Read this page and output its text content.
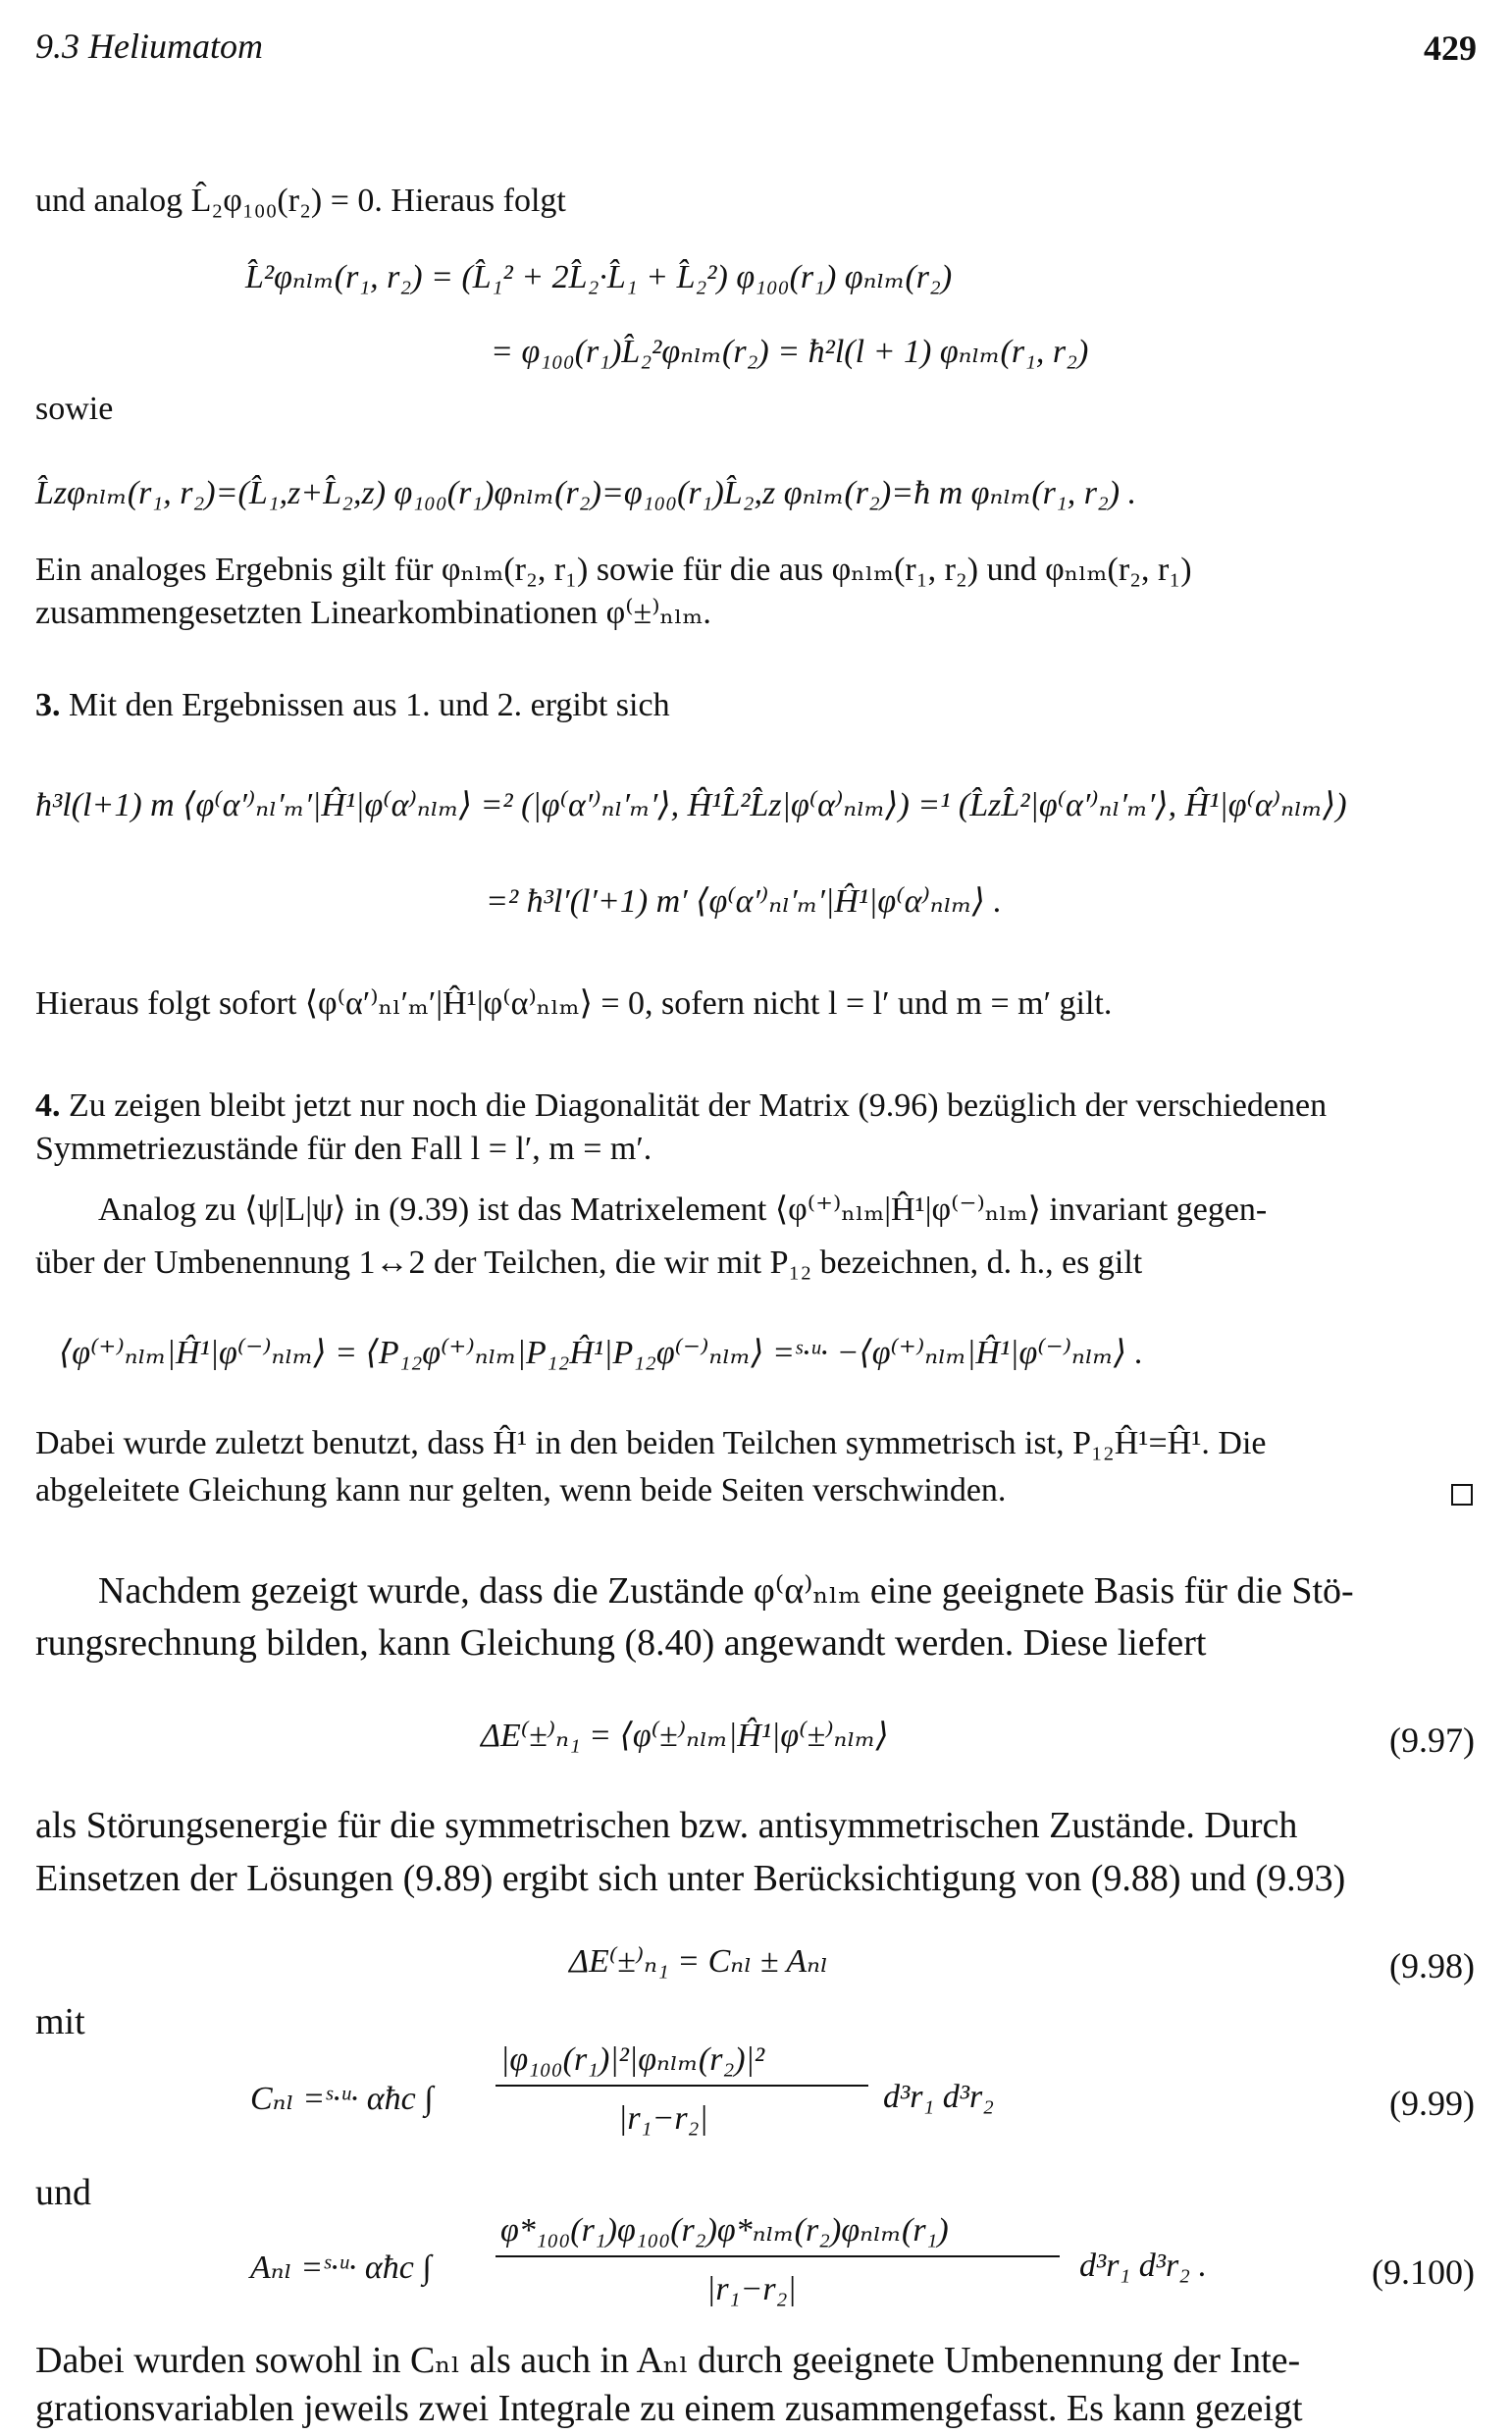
9.3 Heliumatom	429
und analog L̂₂φ₁₀₀(r₂) = 0. Hieraus folgt
L̂²φₙₗₘ(r₁, r₂) = (L̂₁² + 2L̂₂·L̂₁ + L̂₂²) φ₁₀₀(r₁) φₙₗₘ(r₂)
= φ₁₀₀(r₁)L̂₂²φₙₗₘ(r₂) = ħ²l(l + 1) φₙₗₘ(r₁, r₂)
sowie
L̂zφₙₗₘ(r₁, r₂)=(L̂₁,z+L̂₂,z) φ₁₀₀(r₁)φₙₗₘ(r₂)=φ₁₀₀(r₁)L̂₂,z φₙₗₘ(r₂)=ħ m φₙₗₘ(r₁, r₂) .
Ein analoges Ergebnis gilt für φₙₗₘ(r₂, r₁) sowie für die aus φₙₗₘ(r₁, r₂) und φₙₗₘ(r₂, r₁)
zusammengesetzten Linearkombinationen φ⁽±⁾ₙₗₘ.
3. Mit den Ergebnissen aus 1. und 2. ergibt sich
ħ³l(l+1) m ⟨φ⁽α′⁾ₙₗ′ₘ′|Ĥ¹|φ⁽α⁾ₙₗₘ⟩ =² (|φ⁽α′⁾ₙₗ′ₘ′⟩, Ĥ¹L̂²L̂z|φ⁽α⁾ₙₗₘ⟩) =¹ (L̂zL̂²|φ⁽α′⁾ₙₗ′ₘ′⟩, Ĥ¹|φ⁽α⁾ₙₗₘ⟩)
=² ħ³l′(l′+1) m′ ⟨φ⁽α′⁾ₙₗ′ₘ′|Ĥ¹|φ⁽α⁾ₙₗₘ⟩ .
Hieraus folgt sofort ⟨φ⁽α′⁾ₙₗ′ₘ′|Ĥ¹|φ⁽α⁾ₙₗₘ⟩ = 0, sofern nicht l = l′ und m = m′ gilt.
4. Zu zeigen bleibt jetzt nur noch die Diagonalität der Matrix (9.96) bezüglich der verschiedenen
Symmetriezustände für den Fall l = l′, m = m′.
Analog zu ⟨ψ|L|ψ⟩ in (9.39) ist das Matrixelement ⟨φ⁽⁺⁾ₙₗₘ|Ĥ¹|φ⁽⁻⁾ₙₗₘ⟩ invariant gegen-
über der Umbenennung 1↔2 der Teilchen, die wir mit P₁₂ bezeichnen, d. h., es gilt
⟨φ⁽⁺⁾ₙₗₘ|Ĥ¹|φ⁽⁻⁾ₙₗₘ⟩ = ⟨P₁₂φ⁽⁺⁾ₙₗₘ|P₁₂Ĥ¹|P₁₂φ⁽⁻⁾ₙₗₘ⟩ =ˢ·ᵘ· −⟨φ⁽⁺⁾ₙₗₘ|Ĥ¹|φ⁽⁻⁾ₙₗₘ⟩ .
Dabei wurde zuletzt benutzt, dass Ĥ¹ in den beiden Teilchen symmetrisch ist, P₁₂Ĥ¹=Ĥ¹. Die
abgeleitete Gleichung kann nur gelten, wenn beide Seiten verschwinden.
Nachdem gezeigt wurde, dass die Zustände φ⁽α⁾ₙₗₘ eine geeignete Basis für die Stö-
rungsrechnung bilden, kann Gleichung (8.40) angewandt werden. Diese liefert
ΔE⁽±⁾ₙ₁ = ⟨φ⁽±⁾ₙₗₘ|Ĥ¹|φ⁽±⁾ₙₗₘ⟩	(9.97)
als Störungsenergie für die symmetrischen bzw. antisymmetrischen Zustände. Durch
Einsetzen der Lösungen (9.89) ergibt sich unter Berücksichtigung von (9.88) und (9.93)
ΔE⁽±⁾ₙ₁ = Cₙₗ ± Aₙₗ	(9.98)
mit
Cₙₗ =ˢ·ᵘ· αħc ∫
|φ₁₀₀(r₁)|²|φₙₗₘ(r₂)|²
|r₁−r₂|
d³r₁ d³r₂	(9.99)
und
Aₙₗ =ˢ·ᵘ· αħc ∫
φ*₁₀₀(r₁)φ₁₀₀(r₂)φ*ₙₗₘ(r₂)φₙₗₘ(r₁)
|r₁−r₂|
d³r₁ d³r₂ .	(9.100)
Dabei wurden sowohl in Cₙₗ als auch in Aₙₗ durch geeignete Umbenennung der Inte-
grationsvariablen jeweils zwei Integrale zu einem zusammengefasst. Es kann gezeigt
